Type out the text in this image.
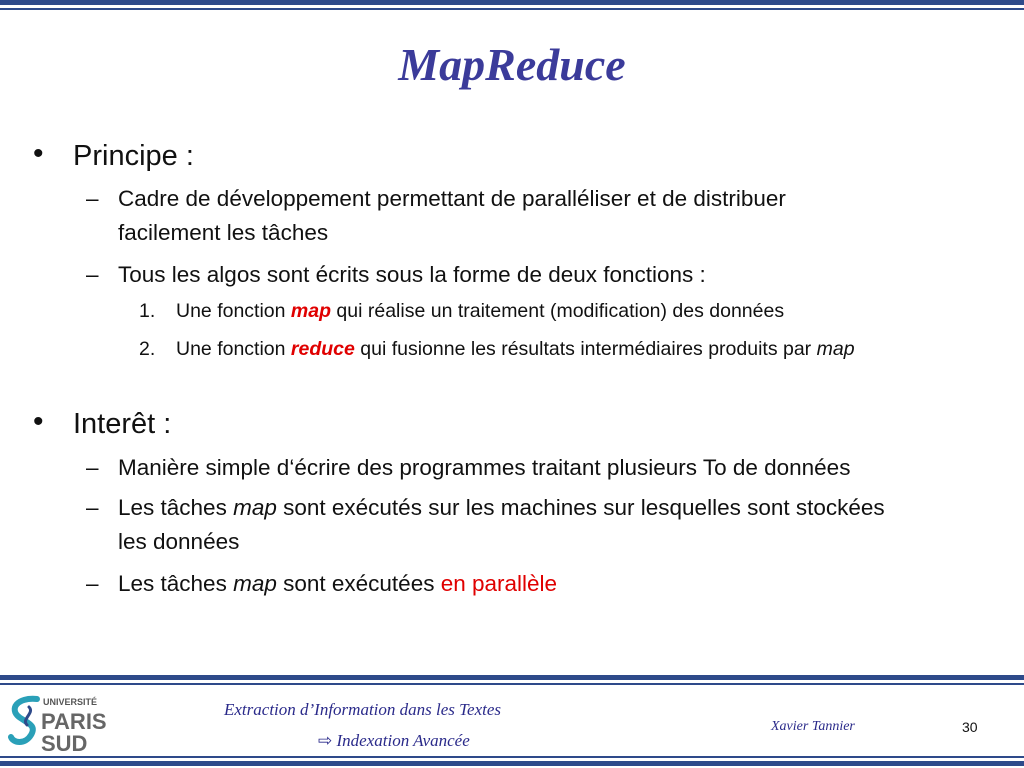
MapReduce
• Principe :
– Cadre de développement permettant de paralléliser et de distribuer
facilement les tâches
– Tous les algos sont écrits sous la forme de deux fonctions :
1. Une fonction map qui réalise un traitement (modification) des données
2. Une fonction reduce qui fusionne les résultats intermédiaires produits par map
• Interêt :
– Manière simple d‘écrire des programmes traitant plusieurs To de données
– Les tâches map sont exécutés sur les machines sur lesquelles sont stockées
les données
– Les tâches map sont exécutées en parallèle
UNIVERSITÉ
PARIS
SUD
Extraction d’Information dans les Textes
⇨ Indexation Avancée
Xavier Tannier	30
